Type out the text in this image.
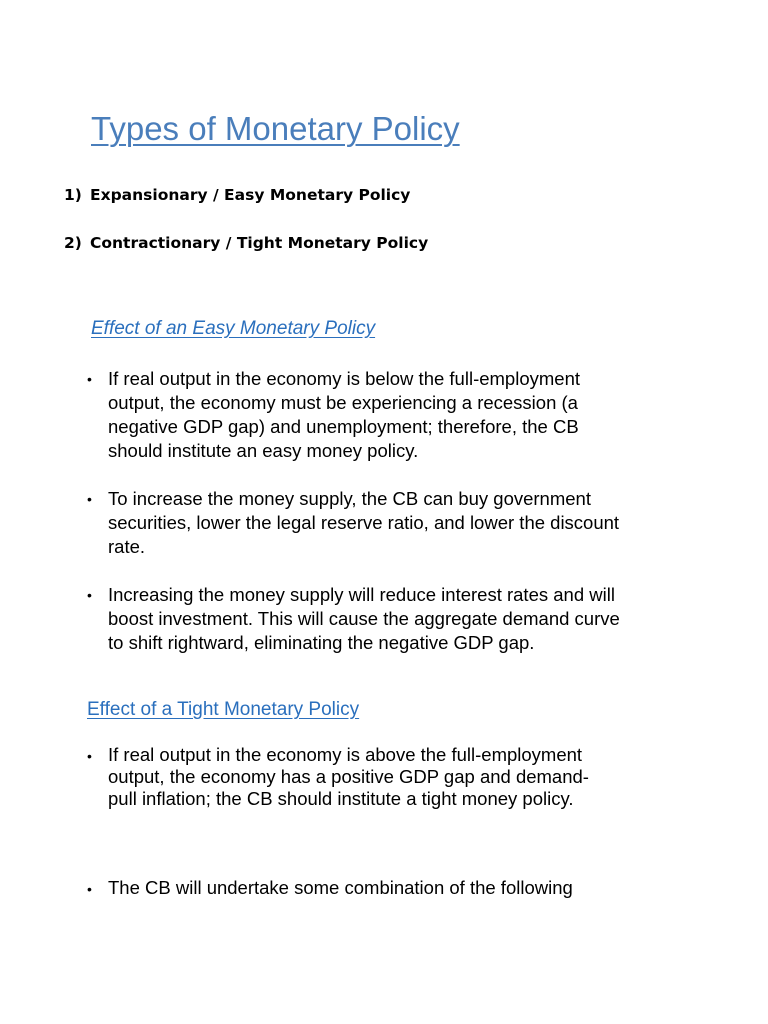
Types of Monetary Policy
1) Expansionary / Easy Monetary Policy
2) Contractionary / Tight Monetary Policy
Effect of an Easy Monetary Policy
• If real output in the economy is below the full-employment output, the economy must be experiencing a recession (a negative GDP gap) and unemployment; therefore, the CB should institute an easy money policy.
• To increase the money supply, the CB can buy government securities, lower the legal reserve ratio, and lower the discount rate.
• Increasing the money supply will reduce interest rates and will boost investment. This will cause the aggregate demand curve to shift rightward, eliminating the negative GDP gap.
Effect of a Tight Monetary Policy
• If real output in the economy is above the full-employment output, the economy has a positive GDP gap and demand-pull inflation; the CB should institute a tight money policy.
• The CB will undertake some combination of the following
